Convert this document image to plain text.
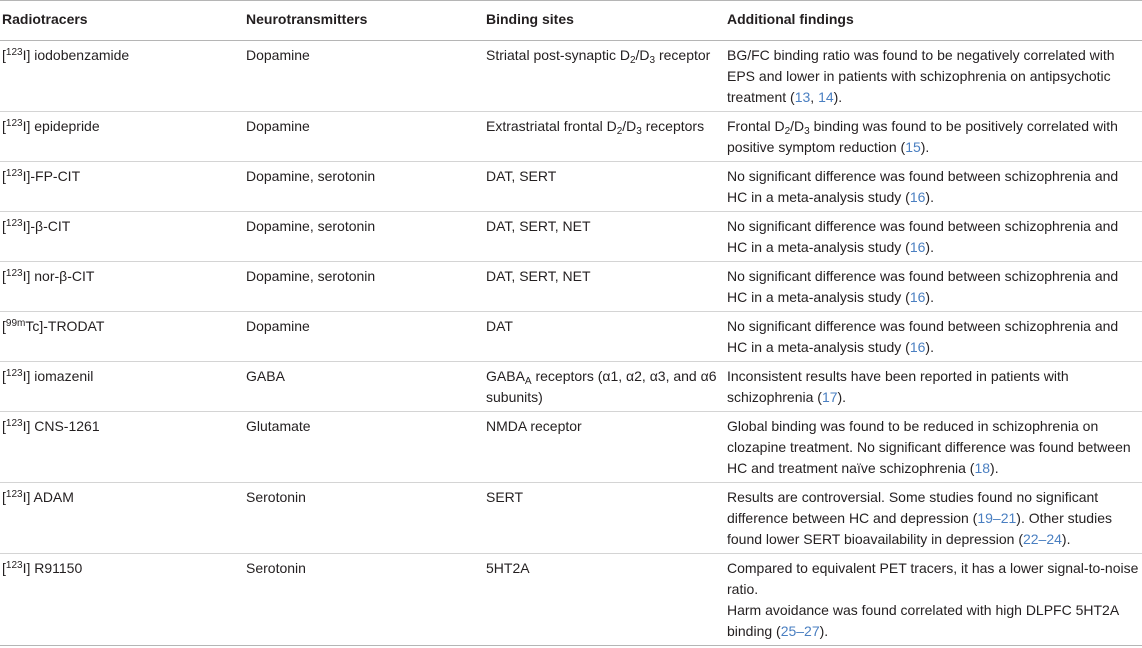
Radiotracers	Neurotransmitters	Binding sites	Additional findings
[$^{123}$I] iodobenzamide	Dopamine	Striatal post-synaptic $D_2/D_3$ receptor	BG/FC binding ratio was found to be negatively correlated with EPS and lower in patients with schizophrenia on antipsychotic treatment (13, 14).
[$^{123}$I] epidepride	Dopamine	Extrastriatal frontal $D_2/D_3$ receptors	Frontal $D_2/D_3$ binding was found to be positively correlated with positive symptom reduction (15).
[$^{123}$I]-FP-CIT	Dopamine, serotonin	DAT, SERT	No significant difference was found between schizophrenia and HC in a meta-analysis study (16).
[$^{123}$I]-β-CIT	Dopamine, serotonin	DAT, SERT, NET	No significant difference was found between schizophrenia and HC in a meta-analysis study (16).
[$^{123}$I] nor-β-CIT	Dopamine, serotonin	DAT, SERT, NET	No significant difference was found between schizophrenia and HC in a meta-analysis study (16).
[$^{99m}$Tc]-TRODAT	Dopamine	DAT	No significant difference was found between schizophrenia and HC in a meta-analysis study (16).
[$^{123}$I] iomazenil	GABA	$GABA_A$ receptors (α1, α2, α3, and α6 subunits)	Inconsistent results have been reported in patients with schizophrenia (17).
[$^{123}$I] CNS-1261	Glutamate	NMDA receptor	Global binding was found to be reduced in schizophrenia on clozapine treatment. No significant difference was found between HC and treatment naïve schizophrenia (18).
[$^{123}$I] ADAM	Serotonin	SERT	Results are controversial. Some studies found no significant difference between HC and depression (19–21). Other studies found lower SERT bioavailability in depression (22–24).
[$^{123}$I] R91150	Serotonin	5HT2A	Compared to equivalent PET tracers, it has a lower signal-to-noise ratio.
Harm avoidance was found correlated with high DLPFC 5HT2A binding (25–27).
